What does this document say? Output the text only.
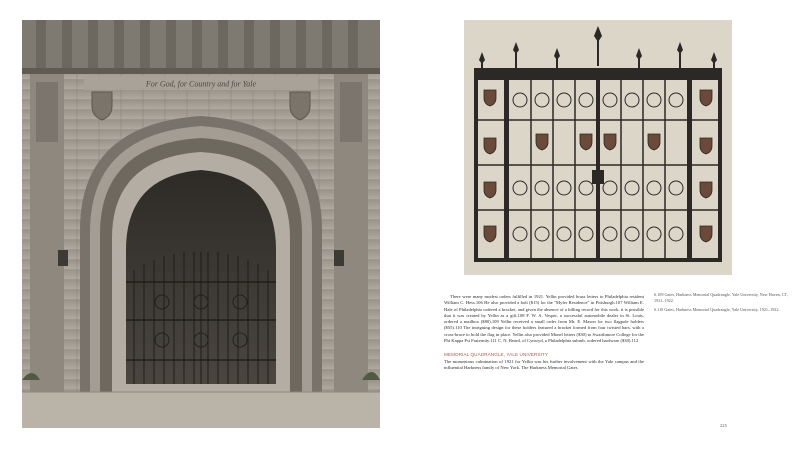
For God, for Country and for Yale

6.109 Gates, Harkness Memorial Quadrangle, Yale University, New Haven, CT, 1921–1922.

6.110 Gates, Harkness Memorial Quadrangle, Yale University, 1921–1922.

There were many modest orders fulfilled in 1921. Yellin provided brass letters to Philadelphia resident William C. Hess.106 He also provided a bolt ($15) for the "Myler Residence" in Pittsburgh.107 William E. Hale of Philadelphia ordered a bracket, and given the absence of a billing record for this work, it is possible that it was created by Yellin as a gift.108 F. W. A. Vesper, a successful automobile dealer in St. Louis, ordered a mailbox ($80).109 Yellin received a small order from Mr. E. Mason for two flagpole holders ($55).110 The intriguing design for these holders featured a bracket formed from four twisted bars, with a cross-brace to hold the flag in place. Yellin also provided Monel letters ($30) to Swarthmore College for the Phi Kappa Psi Fraternity.111 C. N. Beard, of Cynwyd, a Philadelphia suburb, ordered hardware ($30).112

MEMORIAL QUADRANGLE, YALE UNIVERSITY

The momentous culmination of 1921 for Yellin was his further involvement with the Yale campus and the influential Harkness family of New York. The Harkness Memorial Gates

225
